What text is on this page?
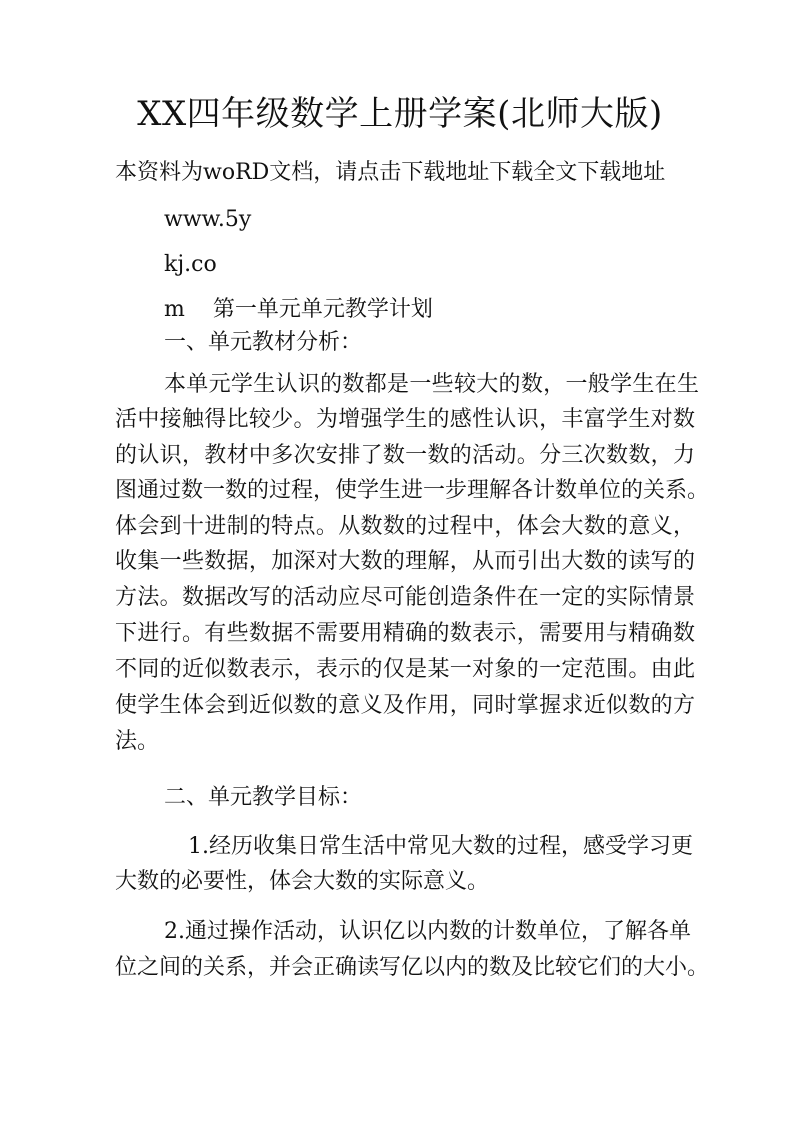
XX四年级数学上册学案(北师大版)
本资料为woRD文档，请点击下载地址下载全文下载地址
www.5y
kj.co
m 第一单元单元教学计划
一、单元教材分析：
本单元学生认识的数都是一些较大的数，一般学生在生
活中接触得比较少。为增强学生的感性认识，丰富学生对数
的认识，教材中多次安排了数一数的活动。分三次数数，力
图通过数一数的过程，使学生进一步理解各计数单位的关系。
体会到十进制的特点。从数数的过程中，体会大数的意义，
收集一些数据，加深对大数的理解，从而引出大数的读写的
方法。数据改写的活动应尽可能创造条件在一定的实际情景
下进行。有些数据不需要用精确的数表示，需要用与精确数
不同的近似数表示，表示的仅是某一对象的一定范围。由此
使学生体会到近似数的意义及作用，同时掌握求近似数的方
法。
二、单元教学目标：
1.经历收集日常生活中常见大数的过程，感受学习更
大数的必要性，体会大数的实际意义。
2.通过操作活动，认识亿以内数的计数单位，了解各单
位之间的关系，并会正确读写亿以内的数及比较它们的大小。
